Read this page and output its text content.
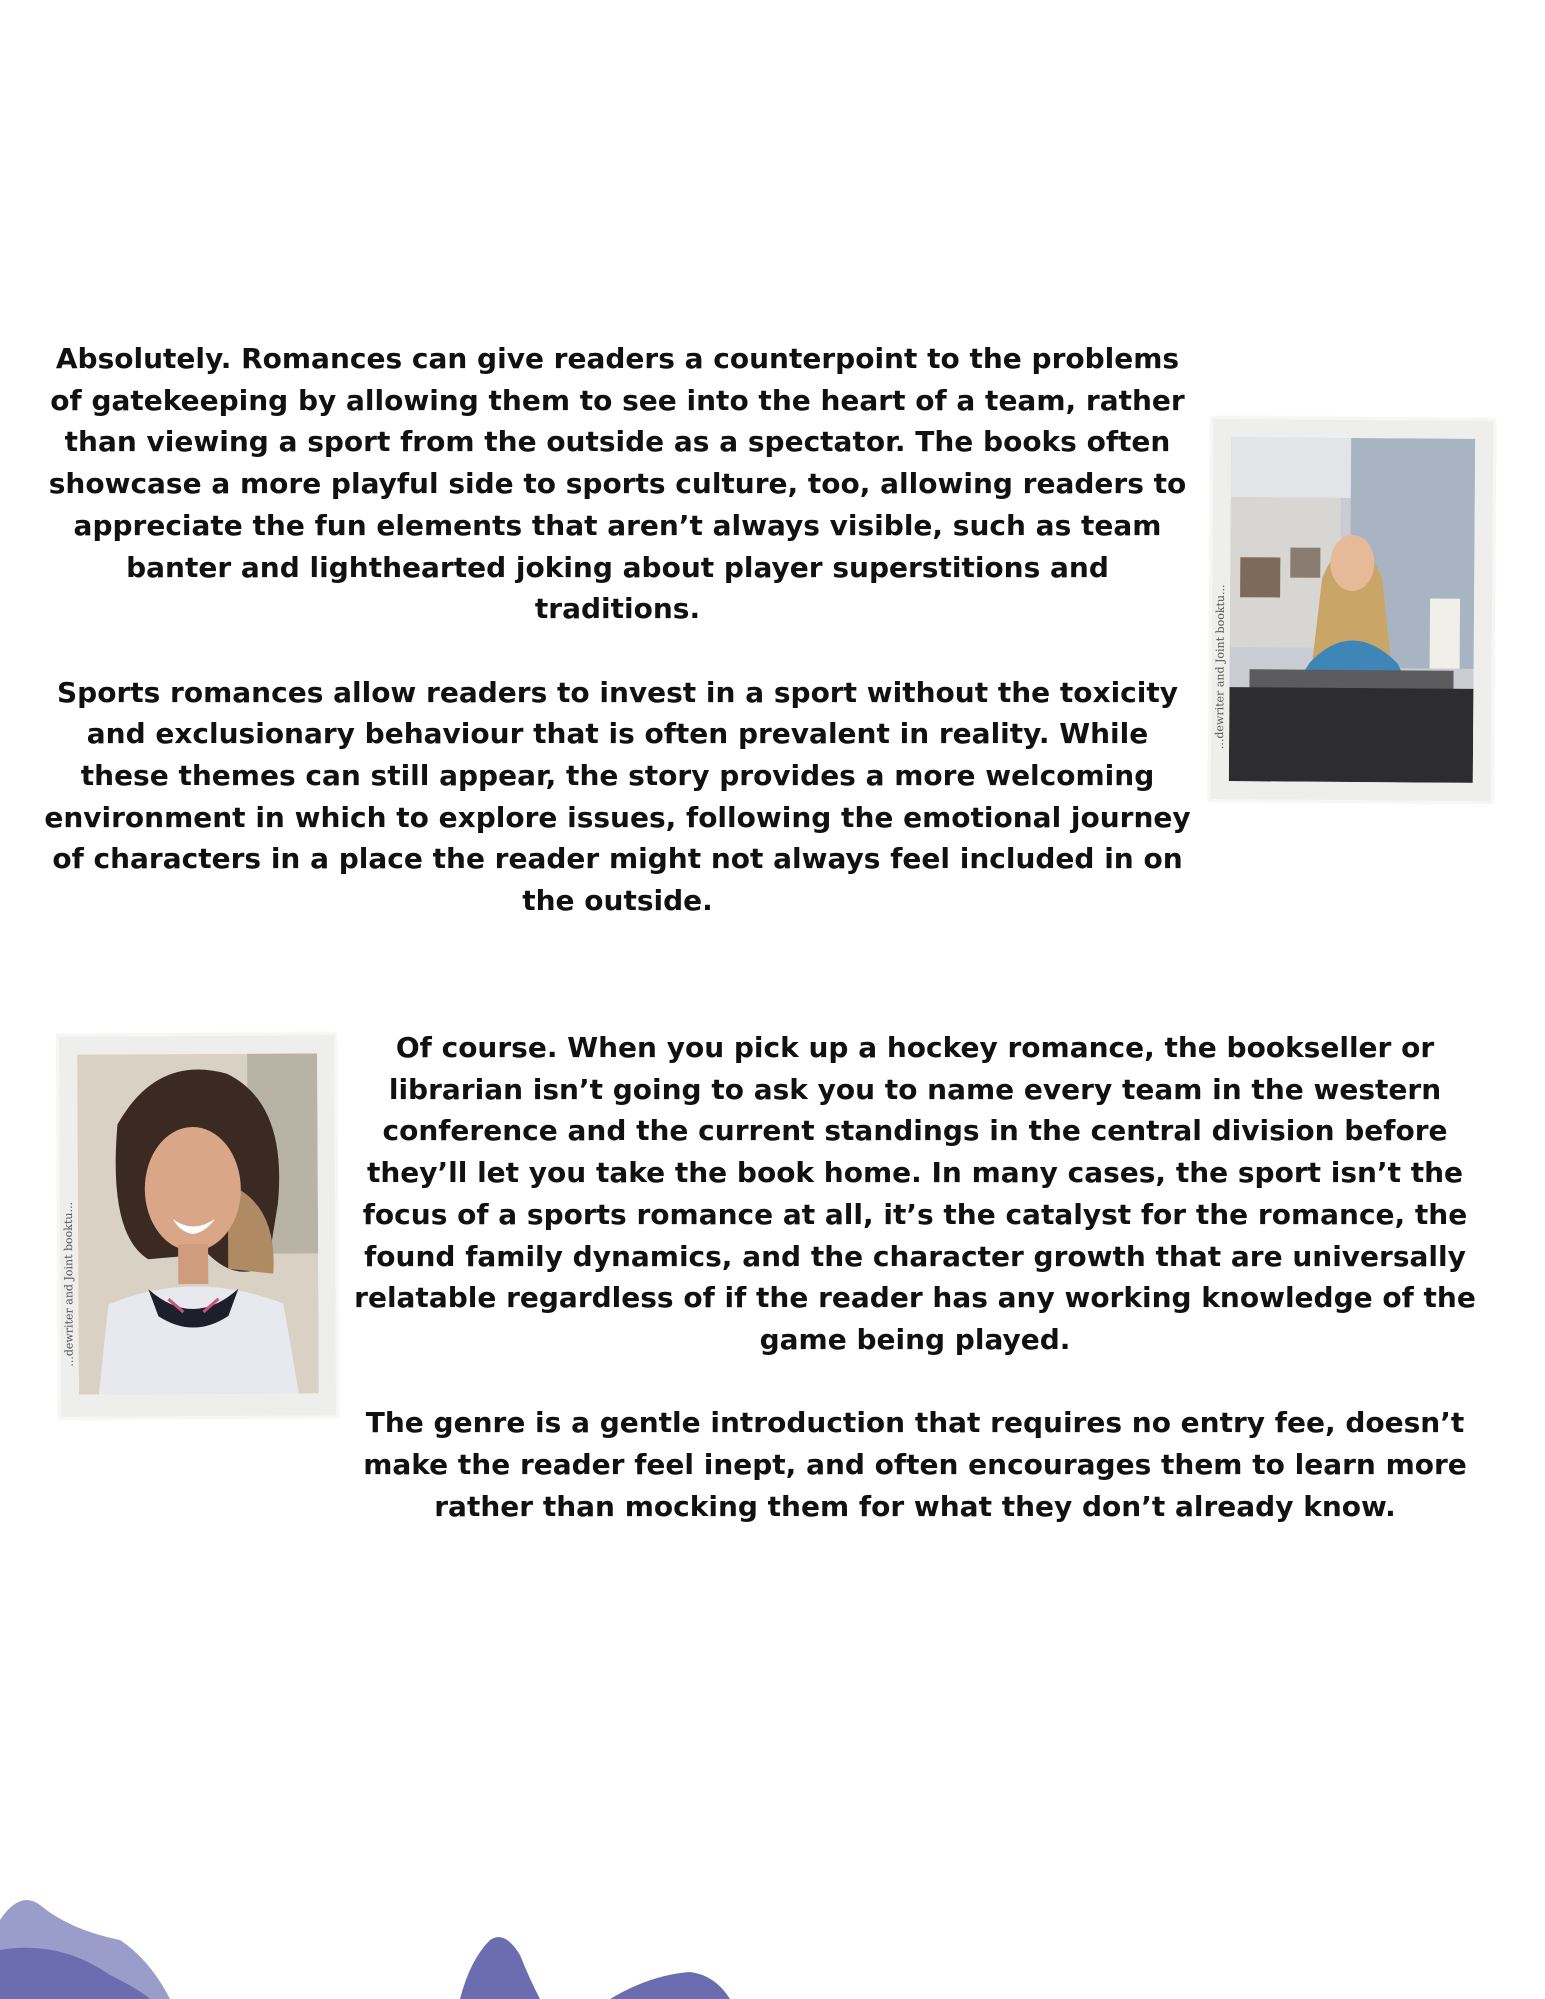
Absolutely. Romances can give readers a counterpoint to the problems of gatekeeping by allowing them to see into the heart of a team, rather than viewing a sport from the outside as a spectator. The books often showcase a more playful side to sports culture, too, allowing readers to appreciate the fun elements that aren’t always visible, such as team banter and lighthearted joking about player superstitions and traditions.

Sports romances allow readers to invest in a sport without the toxicity and exclusionary behaviour that is often prevalent in reality. While these themes can still appear, the story provides a more welcoming environment in which to explore issues, following the emotional journey of characters in a place the reader might not always feel included in on the outside.

...dewriter and Joint booktu...
...dewriter and Joint booktu...

Of course. When you pick up a hockey romance, the bookseller or librarian isn’t going to ask you to name every team in the western conference and the current standings in the central division before they’ll let you take the book home. In many cases, the sport isn’t the focus of a sports romance at all, it’s the catalyst for the romance, the found family dynamics, and the character growth that are universally relatable regardless of if the reader has any working knowledge of the game being played.

The genre is a gentle introduction that requires no entry fee, doesn’t make the reader feel inept, and often encourages them to learn more rather than mocking them for what they don’t already know.
